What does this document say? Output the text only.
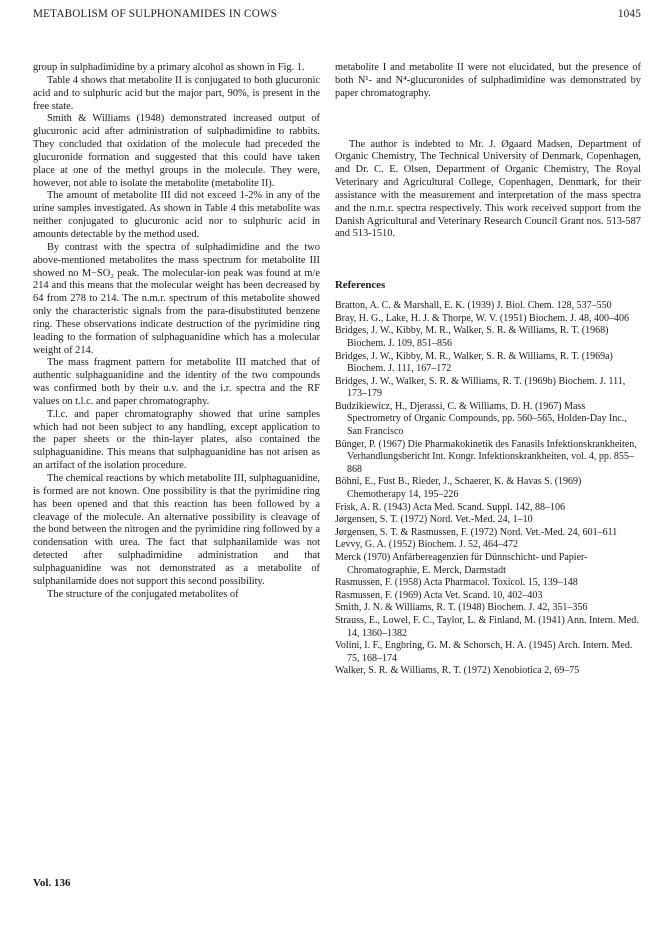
METABOLISM OF SULPHONAMIDES IN COWS	1045

group in sulphadimidine by a primary alcohol as shown in Fig. 1.

Table 4 shows that metabolite II is conjugated to both glucuronic acid and to sulphuric acid but the major part, 90%, is present in the free state.

Smith & Williams (1948) demonstrated increased output of glucuronic acid after administration of sulphadimidine to rabbits. They concluded that oxidation of the molecule had preceded the glucuronide formation and suggested that this could have taken place at one of the methyl groups in the molecule. They were, however, not able to isolate the metabolite (metabolite II).

The amount of metabolite III did not exceed 1-2% in any of the urine samples investigated. As shown in Table 4 this metabolite was neither conjugated to glucuronic acid nor to sulphuric acid in amounts detectable by the method used.

By contrast with the spectra of sulphadimidine and the two above-mentioned metabolites the mass spectrum for metabolite III showed no M−SO₂ peak. The molecular-ion peak was found at m/e 214 and this means that the molecular weight has been decreased by 64 from 278 to 214. The n.m.r. spectrum of this metabolite showed only the characteristic signals from the para-disubstituted benzene ring. These observations indicate destruction of the pyrimidine ring leading to the formation of sulphaguanidine which has a molecular weight of 214.

The mass fragment pattern for metabolite III matched that of authentic sulphaguanidine and the identity of the two compounds was confirmed both by their u.v. and the i.r. spectra and the RF values on t.l.c. and paper chromatography.

T.l.c. and paper chromatography showed that urine samples which had not been subject to any handling, except application to the paper sheets or the thin-layer plates, also contained the sulphaguanidine. This means that sulphaguanidine has not arisen as an artifact of the isolation procedure.

The chemical reactions by which metabolite III, sulphaguanidine, is formed are not known. One possibility is that the pyrimidine ring has been opened and that this reaction has been followed by a cleavage of the molecule. An alternative possibility is cleavage of the bond between the nitrogen and the pyrimidine ring followed by a condensation with urea. The fact that sulphanilamide was not detected after sulphadimidine administration and that sulphaguanidine was not demonstrated as a metabolite of sulphanilamide does not support this second possibility.

The structure of the conjugated metabolites of

metabolite I and metabolite II were not elucidated, but the presence of both N¹- and N⁴-glucuronides of sulphadimidine was demonstrated by paper chromatography.

The author is indebted to Mr. J. Øgaard Madsen, Department of Organic Chemistry, The Technical University of Denmark, Copenhagen, and Dr. C. E. Olsen, Department of Organic Chemistry, The Royal Veterinary and Agricultural College, Copenhagen, Denmark, for their assistance with the measurement and interpretation of the mass spectra and the n.m.r. spectra respectively. This work received support from the Danish Agricultural and Veterinary Research Council Grant nos. 513-587 and 513-1510.

References
Bratton, A. C. & Marshall, E. K. (1939) J. Biol. Chem. 128, 537–550
Bray, H. G., Lake, H. J. & Thorpe, W. V. (1951) Biochem. J. 48, 400–406
Bridges, J. W., Kibby, M. R., Walker, S. R. & Williams, R. T. (1968) Biochem. J. 109, 851–856
Bridges, J. W., Kibby, M. R., Walker, S. R. & Williams, R. T. (1969a) Biochem. J. 111, 167–172
Bridges, J. W., Walker, S. R. & Williams, R. T. (1969b) Biochem. J. 111, 173–179
Budzikiewicz, H., Djerassi, C. & Williams, D. H. (1967) Mass Spectrometry of Organic Compounds, pp. 560–565, Holden-Day Inc., San Francisco
Bünger, P. (1967) Die Pharmakokinetik des Fanasils Infektionskrankheiten, Verhandlungsbericht Int. Kongr. Infektionskrankheiten, vol. 4, pp. 855–868
Böhni, E., Fust B., Rieder, J., Schaerer, K. & Havas S. (1969) Chemotherapy 14, 195–226
Frisk, A. R. (1943) Acta Med. Scand. Suppl. 142, 88–106
Jørgensen, S. T. (1972) Nord. Vet.-Med. 24, 1–10
Jørgensen, S. T. & Rasmussen, F. (1972) Nord. Vet.-Med. 24, 601–611
Levvy, G. A. (1952) Biochem. J. 52, 464–472
Merck (1970) Anfärbereagenzien für Dünnschicht- und Papier-Chromatographie, E. Merck, Darmstadt
Rasmussen, F. (1958) Acta Pharmacol. Toxicol. 15, 139–148
Rasmussen, F. (1969) Acta Vet. Scand. 10, 402–403
Smith, J. N. & Williams, R. T. (1948) Biochem. J. 42, 351–356
Strauss, E., Lowel, F. C., Taylor, L. & Finland, M. (1941) Ann. Intern. Med. 14, 1360–1382
Volini, I. F., Engbring, G. M. & Schorsch, H. A. (1945) Arch. Intern. Med. 75, 168–174
Walker, S. R. & Williams, R. T. (1972) Xenobiotica 2, 69–75
Vol. 136
